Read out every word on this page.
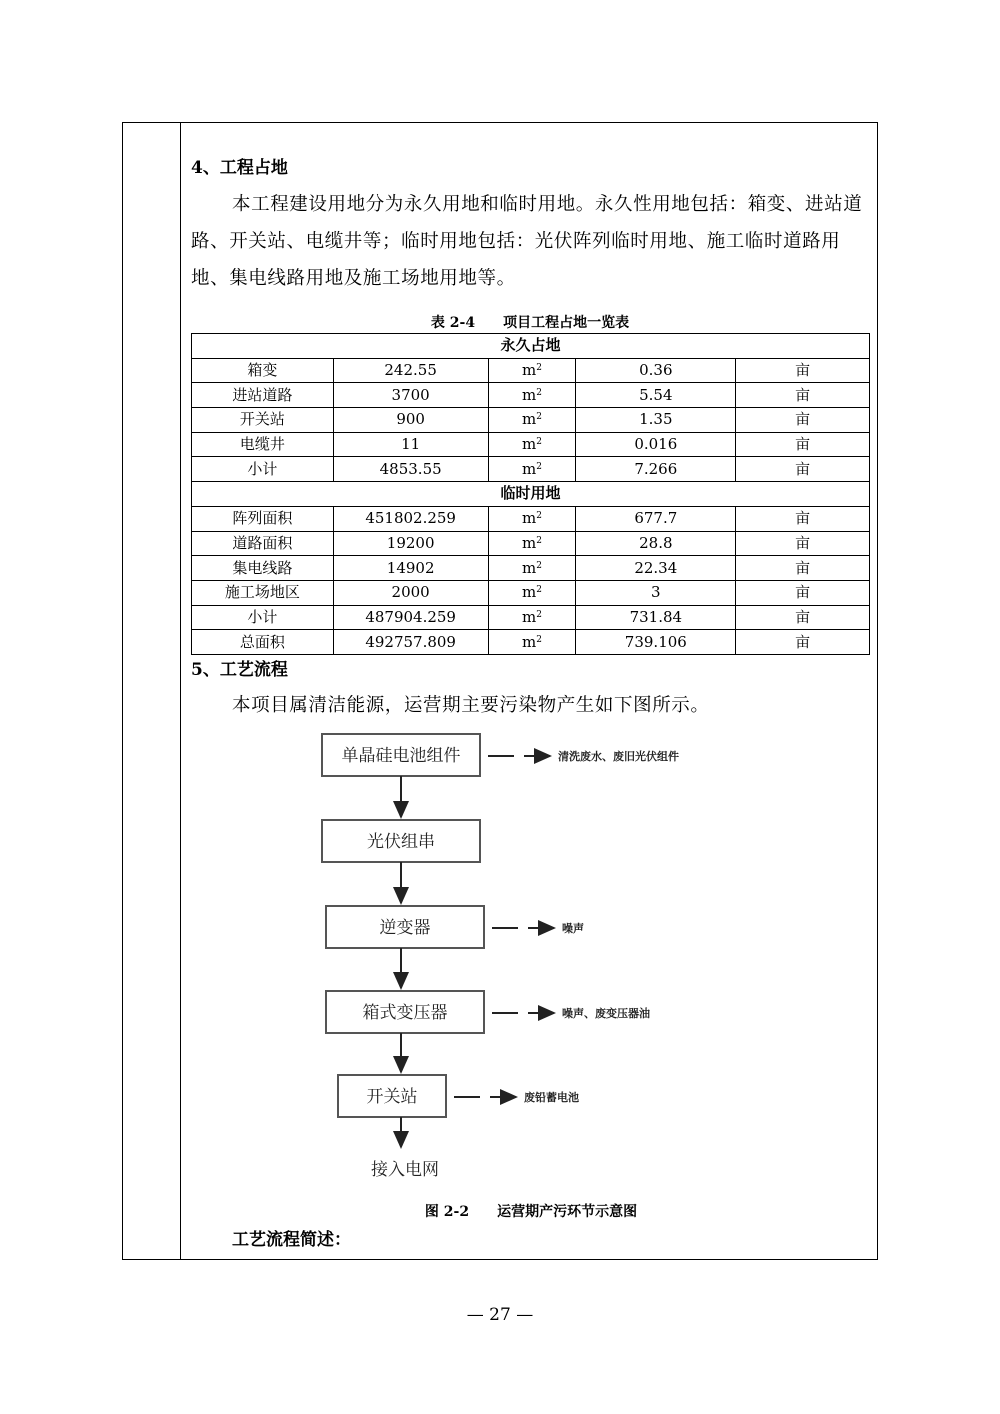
4、工程占地
本工程建设用地分为永久用地和临时用地。永久性用地包括：箱变、进站道路、开关站、电缆井等；临时用地包括：光伏阵列临时用地、施工临时道路用地、集电线路用地及施工场地用地等。
表 2-4　　项目工程占地一览表
永久占地				
箱变	242.55	$m^2$	0.36	亩
进站道路	3700	$m^2$	5.54	亩
开关站	900	$m^2$	1.35	亩
电缆井	11	$m^2$	0.016	亩
小计	4853.55	$m^2$	7.266	亩
临时用地				
阵列面积	451802.259	$m^2$	677.7	亩
道路面积	19200	$m^2$	28.8	亩
集电线路	14902	$m^2$	22.34	亩
施工场地区	2000	$m^2$	3	亩
小计	487904.259	$m^2$	731.84	亩
总面积	492757.809	$m^2$	739.106	亩
5、工艺流程
本项目属清洁能源，运营期主要污染物产生如下图所示。
单晶硅电池组件	清洗废水、废旧光伏组件
光伏组串
逆变器	噪声
箱式变压器	噪声、废变压器油
开关站	废铅蓄电池
接入电网
图 2-2　　运营期产污环节示意图
工艺流程简述：
— 27 —
